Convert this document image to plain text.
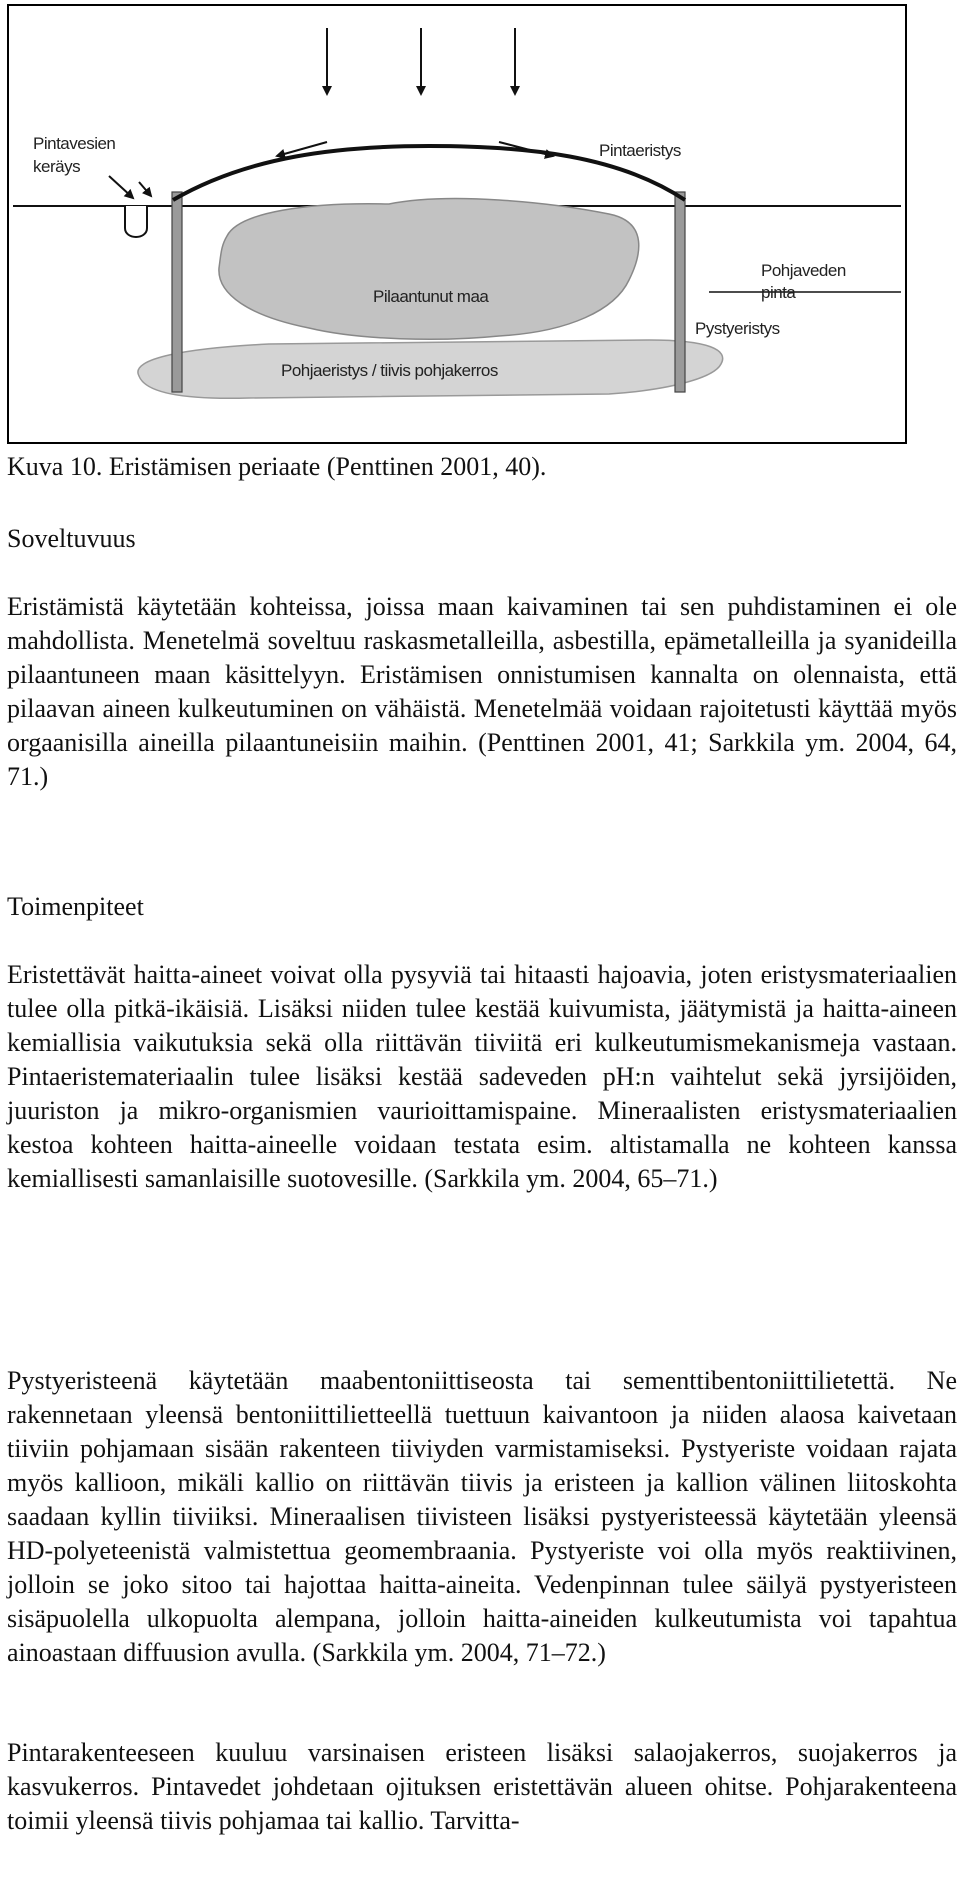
Pintavesien
keräys
Pintaeristys
Pohjaveden
pinta
Pilaantunut maa
Pystyeristys
Pohjaeristys / tiivis pohjakerros
Kuva 10. Eristämisen periaate (Penttinen 2001, 40).
Soveltuvuus
Eristämistä käytetään kohteissa, joissa maan kaivaminen tai sen puhdistaminen ei ole mahdollista. Menetelmä soveltuu raskasmetalleilla, asbestilla, epämetalleilla ja syanideilla pilaantuneen maan käsittelyyn. Eristämisen onnistumisen kannalta on olennaista, että pilaavan aineen kulkeutuminen on vähäistä. Menetelmää voidaan rajoitetusti käyttää myös orgaanisilla aineilla pilaantuneisiin maihin. (Penttinen 2001, 41; Sarkkila ym. 2004, 64, 71.)
Toimenpiteet
Eristettävät haitta-aineet voivat olla pysyviä tai hitaasti hajoavia, joten eristysmateriaalien tulee olla pitkä-ikäisiä. Lisäksi niiden tulee kestää kuivumista, jäätymistä ja haitta-aineen kemiallisia vaikutuksia sekä olla riittävän tiiviitä eri kulkeutumismekanismeja vastaan. Pintaeristemateriaalin tulee lisäksi kestää sadeveden pH:n vaihtelut sekä jyrsijöiden, juuriston ja mikro-organismien vaurioittamispaine. Mineraalisten eristysmateriaalien kestoa kohteen haitta-aineelle voidaan testata esim. altistamalla ne kohteen kanssa kemiallisesti samanlaisille suotovesille. (Sarkkila ym. 2004, 65–71.)
Pystyeristeenä käytetään maabentoniittiseosta tai sementtibentoniittilietettä. Ne rakennetaan yleensä bentoniittilietteellä tuettuun kaivantoon ja niiden alaosa kaivetaan tiiviin pohjamaan sisään rakenteen tiiviyden varmistamiseksi. Pystyeriste voidaan rajata myös kallioon, mikäli kallio on riittävän tiivis ja eristeen ja kallion välinen liitoskohta saadaan kyllin tiiviiksi. Mineraalisen tiivisteen lisäksi pystyeristeessä käytetään yleensä HD-polyeteenistä valmistettua geomembraania. Pystyeriste voi olla myös reaktiivinen, jolloin se joko sitoo tai hajottaa haitta-aineita. Vedenpinnan tulee säilyä pystyeristeen sisäpuolella ulkopuolta alempana, jolloin haitta-aineiden kulkeutumista voi tapahtua ainoastaan diffuusion avulla. (Sarkkila ym. 2004, 71–72.)
Pintarakenteeseen kuuluu varsinaisen eristeen lisäksi salaojakerros, suojakerros ja kasvukerros. Pintavedet johdetaan ojituksen eristettävän alueen ohitse. Pohjarakenteena toimii yleensä tiivis pohjamaa tai kallio. Tarvitta-
